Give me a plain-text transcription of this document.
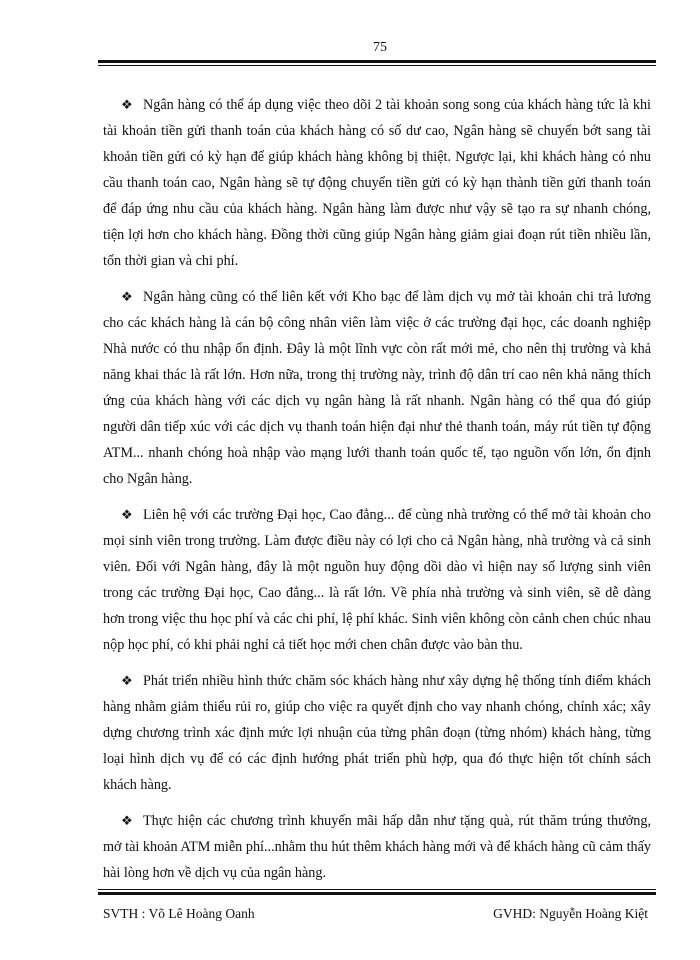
75

❖ Ngân hàng có thể áp dụng việc theo dõi 2 tài khoản song song của khách hàng tức là khi tài khoản tiền gửi thanh toán của khách hàng có số dư cao, Ngân hàng sẽ chuyển bớt sang tài khoản tiền gửi có kỳ hạn để giúp khách hàng không bị thiệt. Ngược lại, khi khách hàng có nhu cầu thanh toán cao, Ngân hàng sẽ tự động chuyển tiền gửi có kỳ hạn thành tiền gửi thanh toán để đáp ứng nhu cầu của khách hàng. Ngân hàng làm được như vậy sẽ tạo ra sự nhanh chóng, tiện lợi hơn cho khách hàng. Đồng thời cũng giúp Ngân hàng giảm giai đoạn rút tiền nhiều lần, tốn thời gian và chi phí.

❖ Ngân hàng cũng có thể liên kết với Kho bạc để làm dịch vụ mở tài khoản chi trả lương cho các khách hàng là cán bộ công nhân viên làm việc ở các trường đại học, các doanh nghiệp Nhà nước có thu nhập ổn định. Đây là một lĩnh vực còn rất mới mẻ, cho nên thị trường và khả năng khai thác là rất lớn. Hơn nữa, trong thị trường này, trình độ dân trí cao nên khả năng thích ứng của khách hàng với các dịch vụ ngân hàng là rất nhanh. Ngân hàng có thể qua đó giúp người dân tiếp xúc với các dịch vụ thanh toán hiện đại như thẻ thanh toán, máy rút tiền tự động ATM... nhanh chóng hoà nhập vào mạng lưới thanh toán quốc tế, tạo nguồn vốn lớn, ổn định cho Ngân hàng.

❖ Liên hệ với các trường Đại học, Cao đẳng... để cùng nhà trường có thể mở tài khoản cho mọi sinh viên trong trường. Làm được điều này có lợi cho cả Ngân hàng, nhà trường và cả sinh viên. Đối với Ngân hàng, đây là một nguồn huy động dồi dào vì hiện nay số lượng sinh viên trong các trường Đại học, Cao đẳng... là rất lớn. Về phía nhà trường và sinh viên, sẽ dễ dàng hơn trong việc thu học phí và các chi phí, lệ phí khác. Sinh viên không còn cảnh chen chúc nhau nộp học phí, có khi phải nghỉ cả tiết học mới chen chân được vào bàn thu.

❖ Phát triển nhiều hình thức chăm sóc khách hàng như xây dựng hệ thống tính điểm khách hàng nhằm giảm thiểu rủi ro, giúp cho việc ra quyết định cho vay nhanh chóng, chính xác; xây dựng chương trình xác định mức lợi nhuận của từng phân đoạn (từng nhóm) khách hàng, từng loại hình dịch vụ để có các định hướng phát triển phù hợp, qua đó thực hiện tốt chính sách khách hàng.

❖ Thực hiện các chương trình khuyến mãi hấp dẫn như tặng quà, rút thăm trúng thưởng, mở tài khoản ATM miễn phí...nhằm thu hút thêm khách hàng mới và để khách hàng cũ cảm thấy hài lòng hơn về dịch vụ của ngân hàng.

SVTH : Võ Lê Hoàng Oanh	GVHD: Nguyễn Hoàng Kiệt
